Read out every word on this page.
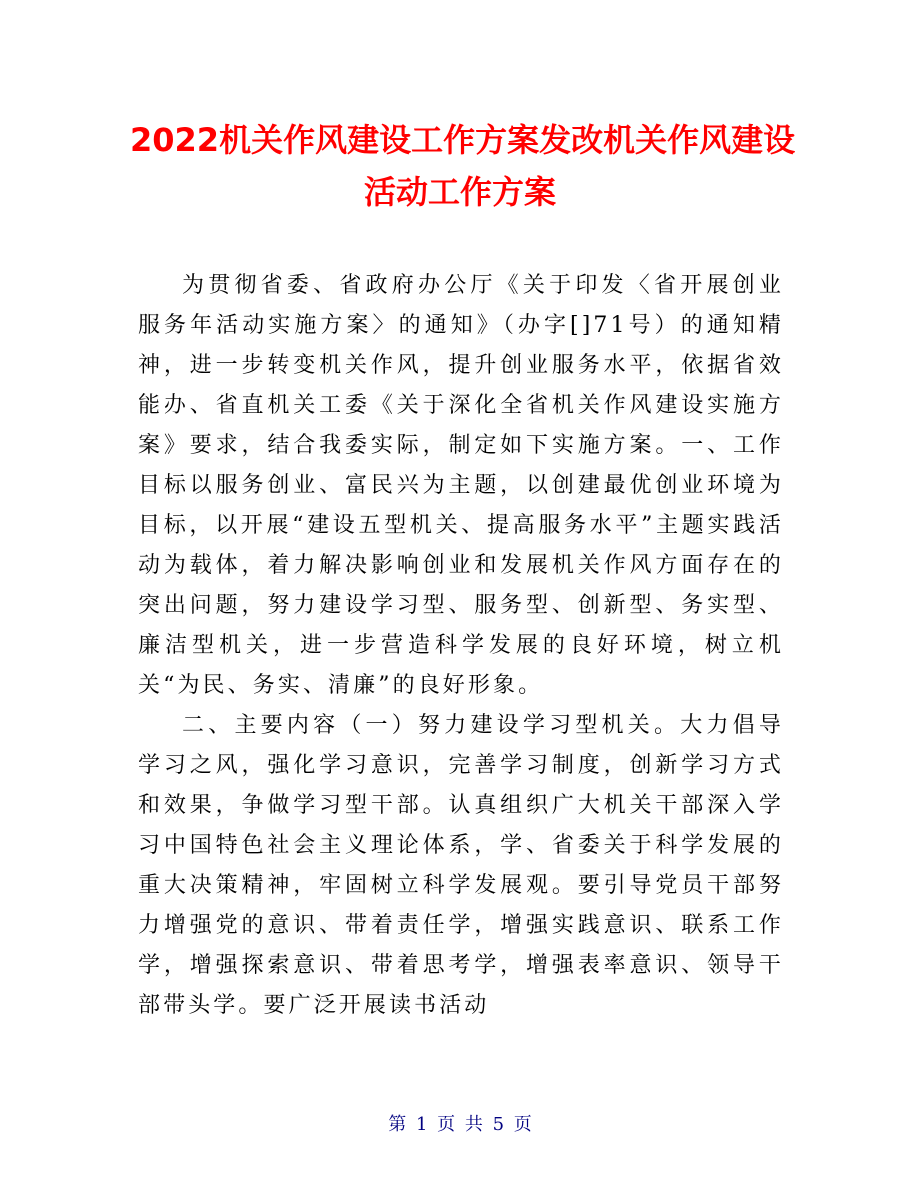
2022机关作风建设工作方案发改机关作风建设
活动工作方案

为贯彻省委、省政府办公厅《关于印发〈省开展创业服务年活动实施方案〉的通知》（办字[]71号）的通知精神，进一步转变机关作风，提升创业服务水平，依据省效能办、省直机关工委《关于深化全省机关作风建设实施方案》要求，结合我委实际，制定如下实施方案。一、工作目标以服务创业、富民兴为主题，以创建最优创业环境为目标，以开展“建设五型机关、提高服务水平”主题实践活动为载体，着力解决影响创业和发展机关作风方面存在的突出问题，努力建设学习型、服务型、创新型、务实型、廉洁型机关，进一步营造科学发展的良好环境，树立机关“为民、务实、清廉”的良好形象。

二、主要内容（一）努力建设学习型机关。大力倡导学习之风，强化学习意识，完善学习制度，创新学习方式和效果，争做学习型干部。认真组织广大机关干部深入学习中国特色社会主义理论体系，学、省委关于科学发展的重大决策精神，牢固树立科学发展观。要引导党员干部努力增强党的意识、带着责任学，增强实践意识、联系工作学，增强探索意识、带着思考学，增强表率意识、领导干部带头学。要广泛开展读书活动

第 1 页 共 5 页
